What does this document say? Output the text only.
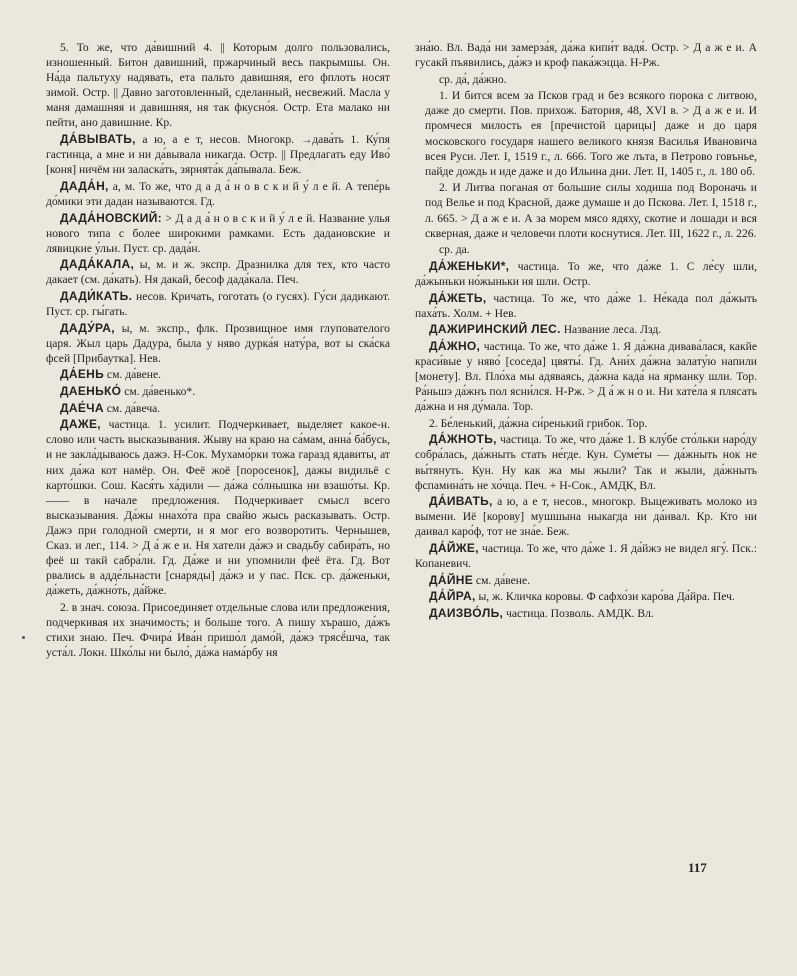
5. То же, что да́вишний 4. || Которым долго пользовались, изношенный. Битон давишний, пржарчиный весь пакрымшы. Он. На́да пальтуху надявать, ета пальто давишняя, его фплоть носят зимой. Остр. || Давно заготовленный, сделанный, несвежий. Масла у маня дамашняя и давишняя, ня так фкусно́я. Остр. Ета малако ни пейти, ано давишние. Кр.

ДА́ВЫВАТЬ, а ю, а е т, несов. Многокр. →дава́ть 1. Ку́пя гастинца, а мне и ни да́вывала никагда. Остр. || Предлагать еду Иво́ [коня] ничём ни заласка́ть, зярнята́к да́пывала. Беж.

ДАДА́Н, а, м. То же, что д а д а́ н о в с к и й у́ л е й. А тепе́рь до́мики эти дадан называются. Гд.

ДАДА́НОВСКИЙ: > Д а д а́ н о в с к и й у́ л е й. Название улья нового типа с более широкими рамками. Есть дадановские и лявицкие у́льи. Пуст. ср. дада́н.

ДАДА́КАЛА, ы, м. и ж. экспр. Дразнилка для тех, кто часто дакает (см. да́кать). Ня дакай, бесоф дада́кала. Печ.

ДАДИ́КАТЬ. несов. Кричать, гоготать (о гусях). Гу́си дадикают. Пуст. ср. гы́гать.

ДАДУ́РА, ы, м. экспр., флк. Прозвищное имя глупователого царя. Жыл царь Дадура, была у няво дурка́я нату́ра, вот ы ска́ска фсей [Прибаутка]. Нев.

ДА́ЕНЬ см. да́вене.

ДАЕНЬКО́ см. да́венько*.

ДАЕ́ЧА см. да́веча.

ДАЖЕ, частица. 1. усилит. Подчеркивает, выделяет какое-н. слово или часть высказывания. Жыву на краю на са́мам, анна́ ба́бусь, и не закла́дываюсь дажэ. Н-Сок. Мухамо́рки тожа гаразд ядавиты, ат них да́жа кот намёр. Он. Феё жоё [поросенок], дажы видильё с карто́шки. Сош. Кася́ть ха́дили — да́жа со́лнышка ни взашо́ты. Кр. —— в начале предложения. Подчеркивает смысл всего высказывания. Да́жы ннахо́та пра свайю жысь расказывать. Остр. Дажэ при голодной смерти, и я мог его возворотить. Чернышев, Сказ. и лег., 114. > Д а́ ж е и. Ня хатели да́жэ и свадьбу сабира́ть, но феё ш такй сабра́ли. Гд. Да́же и ни упомнили феё ёта. Гд. Вот рвались в адде́льнасти [снаряды] да́жэ и у пас. Пск. ср. да́женьки, да́жеть, да́жно́ть, да́йже.

2. в знач. союза. Присоединяет отдельные слова или предложения, подчеркивая их значимость; и больше того. А пишу хърашо, да́жъ стихи знаю. Печ. Фчира́ Ива́н пришо́л дамо́й, да́жэ трясё́шча, так уста́л. Локн. Шко́лы ни было́, да́жа нама́рбу ня

зна́ю. Вл. Вада́ ни замерза́я, да́жа кипи́т вадя́. Остр. > Д а ж е и. А гусакй пъявились, да́жэ и кроф пака́жэцца. Н-Рж.

ср. да́, да́жно.

1. И бится всем за Псков град и без всякого порока с литвою, даже до смерти. Пов. прихож. Батория, 48, XVI в. > Д а ж е и. И промчеся милость ея [пречистой царицы] даже и до царя московского государя нашего великого князя Василья Ивановича всея Руси. Лет. I, 1519 г., л. 666. Того же лъта, в Петрово говънье, пайде дождь и иде даже и до Ильина дни. Лет. II, 1405 г., л. 180 об.

2. И Литва поганая от большие силы ходиша под Вороначь и под Велье и под Красной, даже думаше и до Пскова. Лет. I, 1518 г., л. 665. > Д а ж е и. А за морем мясо ядяху, скотие и лошади и вся скверная, даже и человечи плоти коснутися. Лет. III, 1622 г., л. 226.

ср. да.

ДА́ЖЕНЬКИ*, частица. То же, что да́же 1. С ле́су шли, да́жыньки но́жыньки ня шли. Остр.

ДА́ЖЕТЬ, частица. То же, что да́же 1. Не́када пол да́жыть паха́ть. Холм. + Нев.

ДАЖИРИНСКИЙ ЛЕС. Название леса. Лзд.

ДА́ЖНО, частица. То же, что да́же 1. Я да́жна дивава́лася, какйе краси́вые у няво́ [соседа] цвяты́. Гд. Ани́х да́жна залату́ю напили [монету]. Вл. Пло́ха мы адяваясь, да́жна када́ на ярманку шли. Тор. Ра́ньшэ да́жнъ пол ясни́лся. Н-Рж. > Д а́ ж н о и. Ни хате́ла я плясать да́жна и ня ду́мала. Тор.

2. Бе́ленький, да́жна си́ренький грибок. Тор.

ДА́ЖНОТЬ, частица. То же, что да́же 1. В клу́бе сто́льки наро́ду собра́лась, да́жныть стать не́где. Кун. Суме́ты — да́жныть нок не вы́тянуть. Кун. Ну как жа мы жыли? Так и жыли, да́жныть фспамина́ть не хо́чца. Печ. + Н-Сок., АМДК, Вл.

ДА́ИВАТЬ, а ю, а е т, несов., многокр. Выцеживать молоко из вымени. Иё [корову] мушшына ныкагда ни да́ивал. Кр. Кто ни даивал каро́ф, тот не зна́е. Беж.

ДА́ЙЖЕ, частица. То же, что да́же 1. Я да́йжэ не видел ягу́. Пск.: Копаневич.

ДА́ЙНЕ см. да́вене.

ДА́ЙРА, ы, ж. Кличка коровы. Ф сафхо́зи каро́ва Да́йра. Печ.

ДАИЗВО́ЛЬ, частица. Позволь. АМДК. Вл.

117
